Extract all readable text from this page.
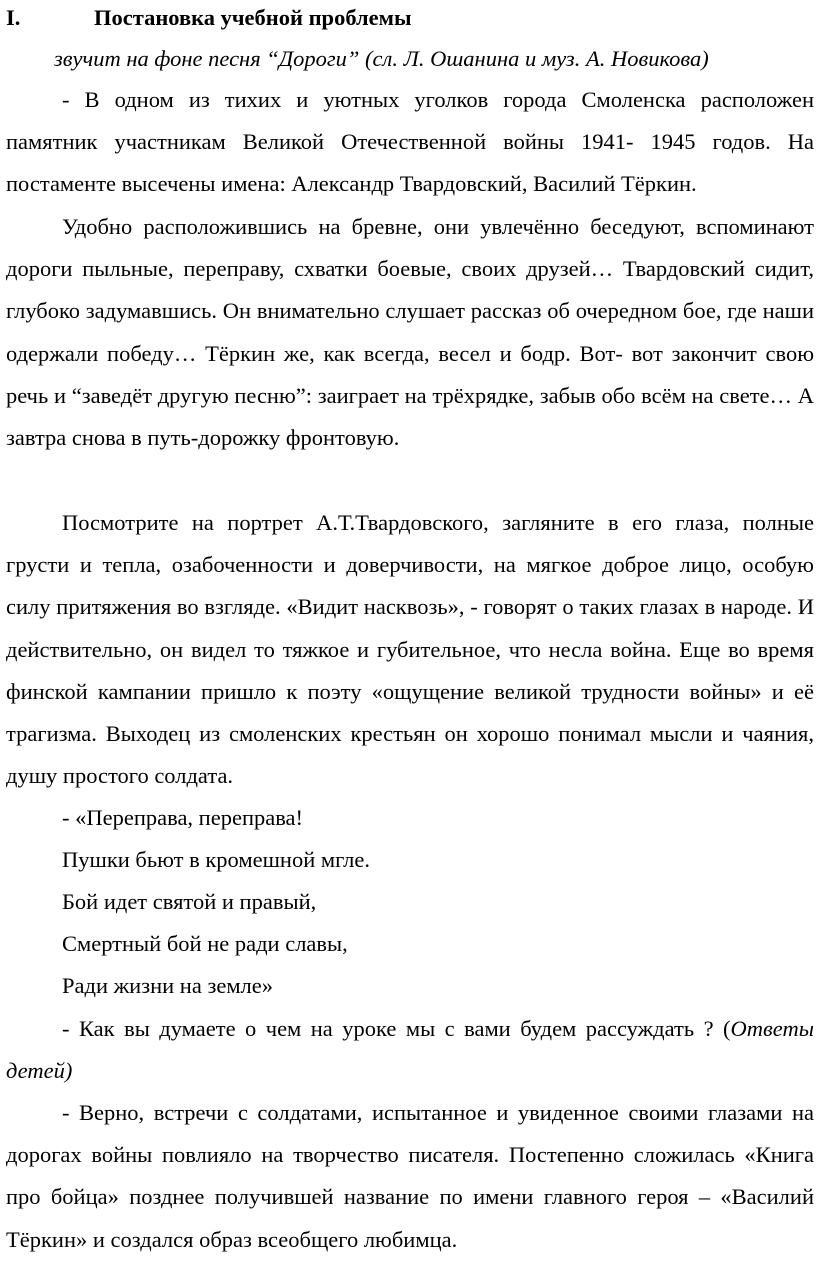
I.	Постановка учебной проблемы
звучит на фоне песня “Дороги” (сл. Л. Ошанина и муз. А. Новикова)

- В одном из тихих и уютных уголков города Смоленска расположен памятник участникам Великой Отечественной войны 1941- 1945 годов. На постаменте высечены имена: Александр Твардовский, Василий Тёркин.

Удобно расположившись на бревне, они увлечённо беседуют, вспоминают дороги пыльные, переправу, схватки боевые, своих друзей… Твардовский сидит, глубоко задумавшись. Он внимательно слушает рассказ об очередном бое, где наши одержали победу… Тёркин же, как всегда, весел и бодр. Вот- вот закончит свою речь и “заведёт другую песню”: заиграет на трёхрядке, забыв обо всём на свете… А завтра снова в путь-дорожку фронтовую.

Посмотрите на портрет А.Т.Твардовского, загляните в его глаза, полные грусти и тепла, озабоченности и доверчивости, на мягкое доброе лицо, особую силу притяжения во взгляде. «Видит насквозь», - говорят о таких глазах в народе. И действительно, он видел то тяжкое и губительное, что несла война. Еще во время финской кампании пришло к поэту «ощущение великой трудности войны» и её трагизма. Выходец из смоленских крестьян он хорошо понимал мысли и чаяния, душу простого солдата.

- «Переправа, переправа!
Пушки бьют в кромешной мгле.
Бой идет святой и правый,
Смертный бой не ради славы,
Ради жизни на земле»

- Как вы думаете о чем на уроке мы с вами будем рассуждать ? (Ответы детей)

- Верно, встречи с солдатами, испытанное и увиденное своими глазами на дорогах войны повлияло на творчество писателя. Постепенно сложилась «Книга про бойца» позднее получившей название по имени главного героя – «Василий Тёркин» и создался образ всеобщего любимца.
